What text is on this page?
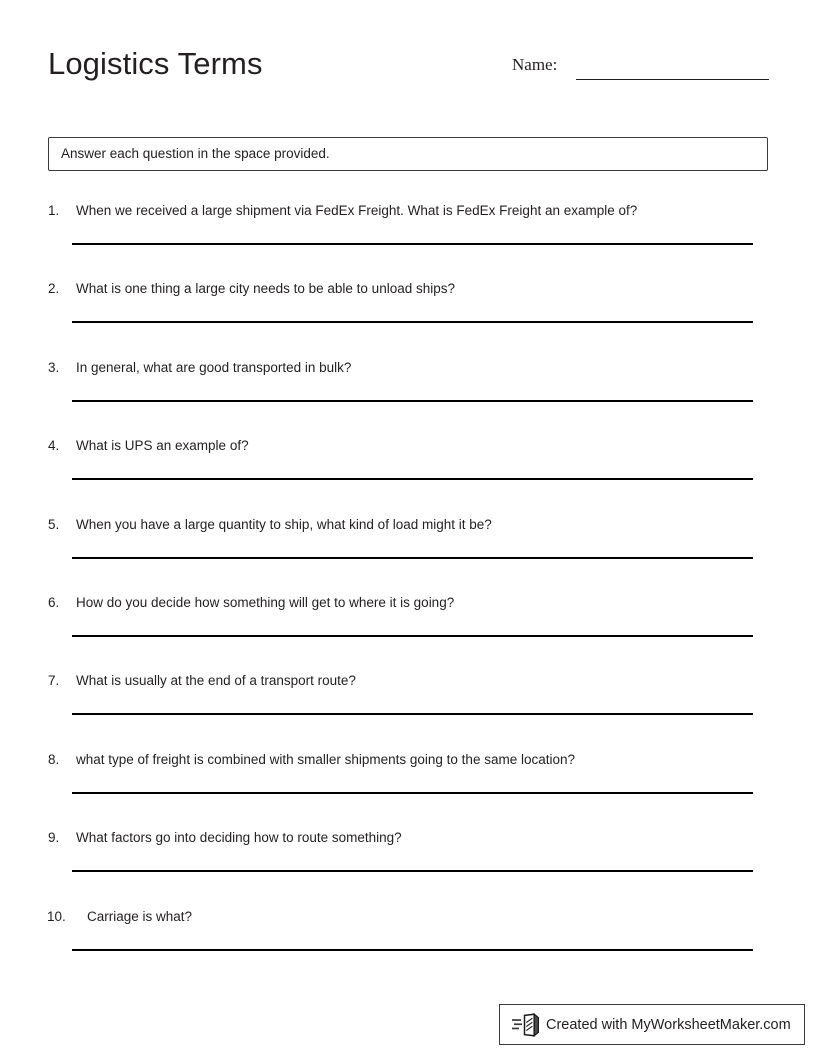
Logistics Terms	Name:
Answer each question in the space provided.
1.	When we received a large shipment via FedEx Freight. What is FedEx Freight an example of?
2.	What is one thing a large city needs to be able to unload ships?
3.	In general, what are good transported in bulk?
4.	What is UPS an example of?
5.	When you have a large quantity to ship, what kind of load might it be?
6.	How do you decide how something will get to where it is going?
7.	What is usually at the end of a transport route?
8.	what type of freight is combined with smaller shipments going to the same location?
9.	What factors go into deciding how to route something?
10.	Carriage is what?
Created with MyWorksheetMaker.com
